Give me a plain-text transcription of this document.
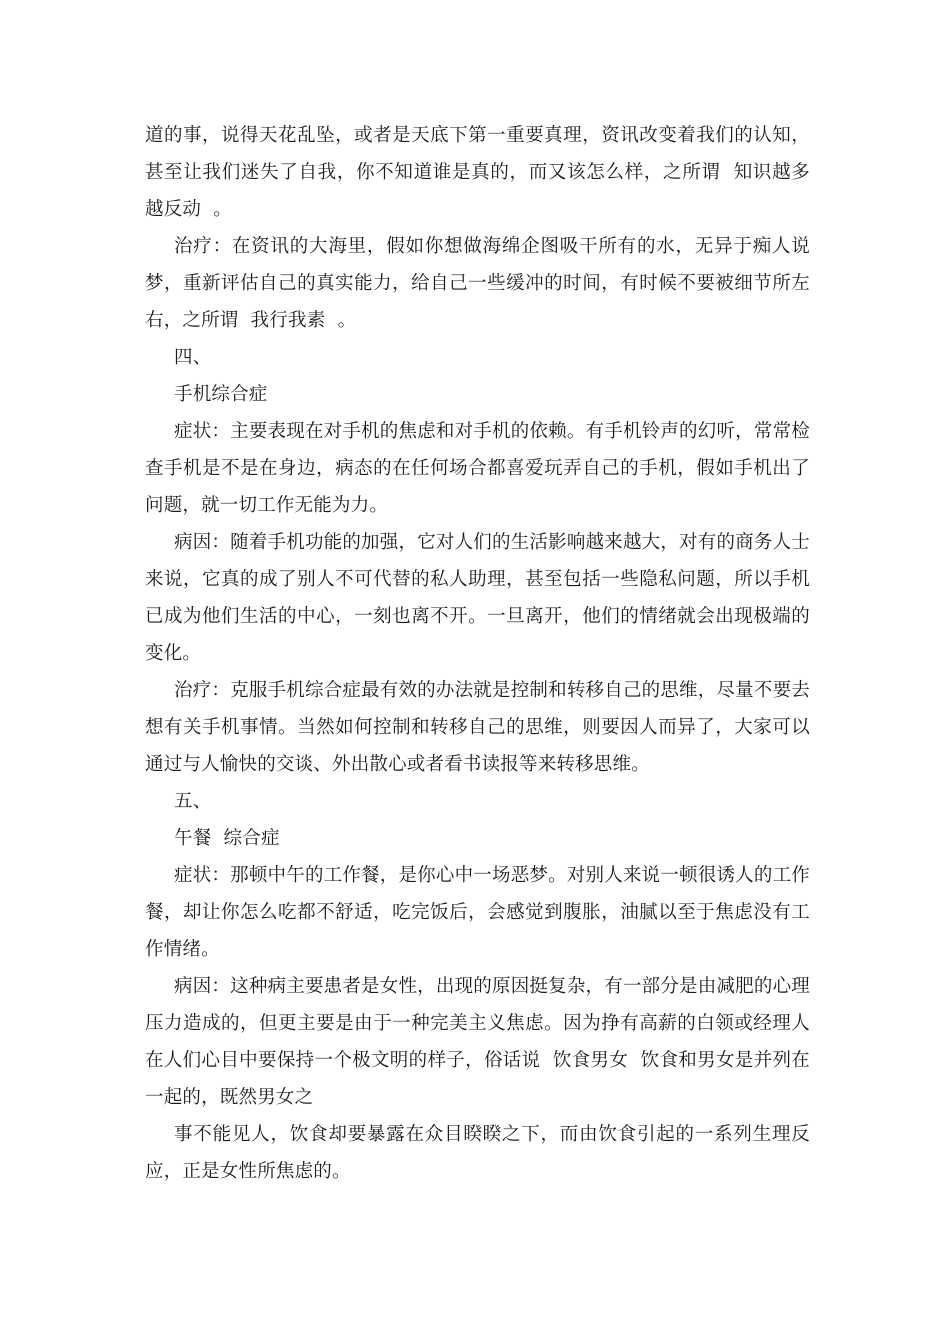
道的事，说得天花乱坠，或者是天底下第一重要真理，资讯改变着我们的认知，甚至让我们迷失了自我，你不知道谁是真的，而又该怎么样，之所谓  知识越多越反动  。

治疗：在资讯的大海里，假如你想做海绵企图吸干所有的水，无异于痴人说梦，重新评估自己的真实能力，给自己一些缓冲的时间，有时候不要被细节所左右，之所谓  我行我素  。

四、

手机综合症

症状：主要表现在对手机的焦虑和对手机的依赖。有手机铃声的幻听，常常检查手机是不是在身边，病态的在任何场合都喜爱玩弄自己的手机，假如手机出了问题，就一切工作无能为力。

病因：随着手机功能的加强，它对人们的生活影响越来越大，对有的商务人士来说，它真的成了别人不可代替的私人助理，甚至包括一些隐私问题，所以手机已成为他们生活的中心，一刻也离不开。一旦离开，他们的情绪就会出现极端的变化。

治疗：克服手机综合症最有效的办法就是控制和转移自己的思维，尽量不要去想有关手机事情。当然如何控制和转移自己的思维，则要因人而异了，大家可以通过与人愉快的交谈、外出散心或者看书读报等来转移思维。

五、

午餐  综合症

症状：那顿中午的工作餐，是你心中一场恶梦。对别人来说一顿很诱人的工作餐，却让你怎么吃都不舒适，吃完饭后，会感觉到腹胀，油腻以至于焦虑没有工作情绪。

病因：这种病主要患者是女性，出现的原因挺复杂，有一部分是由减肥的心理压力造成的，但更主要是由于一种完美主义焦虑。因为挣有高薪的白领或经理人在人们心目中要保持一个极文明的样子，俗话说  饮食男女  饮食和男女是并列在一起的，既然男女之

事不能见人，饮食却要暴露在众目睽睽之下，而由饮食引起的一系列生理反应，正是女性所焦虑的。
